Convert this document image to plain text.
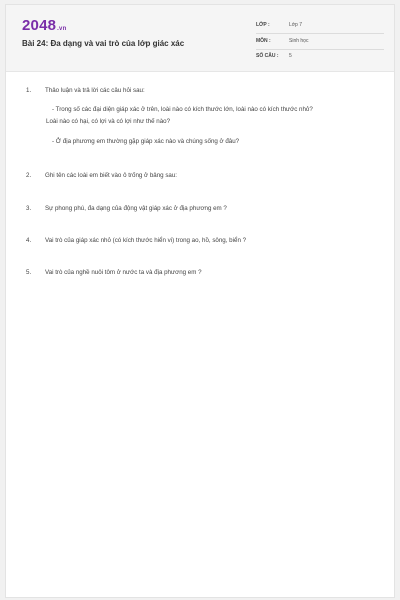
2048.vn
Bài 24: Đa dạng và vai trò của lớp giác xác
LỚP :	Lớp 7
MÔN :	Sinh học
SỐ CÂU : 5
1. Thảo luận và trả lời các câu hỏi sau:
- Trong số các đại diện giáp xác ở trên, loài nào có kích thước lớn, loài nào có kích thước nhỏ?
Loài nào có hại, có lợi và có lợi như thế nào?
- Ở địa phương em thường gặp giáp xác nào và chúng sống ở đâu?
2. Ghi tên các loài em biết vào ô trống ở bảng sau:
3. Sự phong phú, đa dạng của động vật giáp xác ở địa phương em ?
4. Vai trò của giáp xác nhỏ (có kích thước hiển vi) trong ao, hồ, sông, biển ?
5. Vai trò của nghề nuôi tôm ở nước ta và địa phương em ?
